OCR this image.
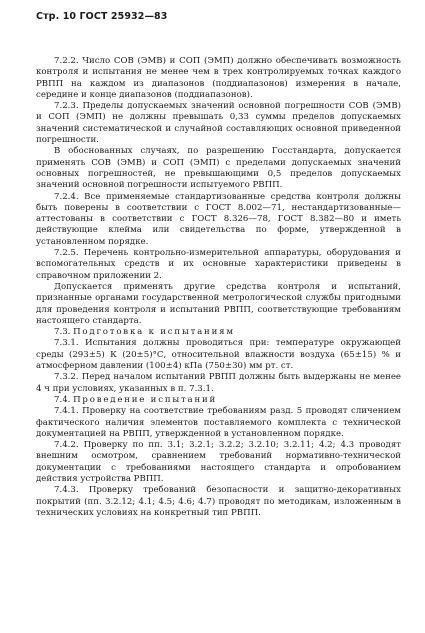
Стр. 10 ГОСТ 25932—83

7.2.2. Число СОВ (ЭМВ) и СОП (ЭМП) должно обеспечивать возможность контроля и испытания не менее чем в трех контролируемых точках каждого РВПП на каждом из диапазонов (поддиапазонов) измерения в начале, середине и конце диапазонов (поддиапазонов).

7.2.3. Пределы допускаемых значений основной погрешности СОВ (ЭМВ) и СОП (ЭМП) не должны превышать 0,33 суммы пределов допускаемых значений систематической и случайной составляющих основной приведенной погрешности.

В обоснованных случаях, по разрешению Госстандарта, допускается применять СОВ (ЭМВ) и СОП (ЭМП) с пределами допускаемых значений основных погрешностей, не превышающими 0,5 пределов допускаемых значений основной погрешности испытуемого РВПП.

7.2.4. Все применяемые стандартизованные средства контроля должны быть поверены в соответствии с ГОСТ 8.002—71, нестандартизованные—аттестованы в соответствии с ГОСТ 8.326—78, ГОСТ 8.382—80 и иметь действующие клейма или свидетельства по форме, утвержденной в установленном порядке.

7.2.5. Перечень контрольно-измерительной аппаратуры, оборудования и вспомогательных средств и их основные характеристики приведены в справочном приложении 2.

Допускается применять другие средства контроля и испытаний, признанные органами государственной метрологической службы пригодными для проведения контроля и испытаний РВПП, соответствующие требованиям настоящего стандарта.

7.3. Подготовка к испытаниям

7.3.1. Испытания должны проводиться при: температуре окружающей среды (293±5) К (20±5)°С, относительной влажности воздуха (65±15) % и атмосферном давлении (100±4) кПа (750±30) мм рт. ст.

7.3.2. Перед началом испытаний РВПП должны быть выдержаны не менее 4 ч при условиях, указанных в п. 7.3.1.

7.4. Проведение испытаний

7.4.1. Проверку на соответствие требованиям разд. 5 проводят сличением фактического наличия элементов поставляемого комплекта с технической документацией на РВПП, утвержденной в установленном порядке.

7.4.2. Проверку по пп. 3.1; 3.2.1; 3.2.2; 3.2.10; 3.2.11; 4.2; 4.3 проводят внешним осмотром, сравнением требований нормативно-технической документации с требованиями настоящего стандарта и опробованием действия устройства РВПП.

7.4.3. Проверку требований безопасности и защитно-декоративных покрытий (пп. 3.2.12; 4.1; 4.5; 4.6; 4.7) проводят по методикам, изложенным в технических условиях на конкретный тип РВПП.
